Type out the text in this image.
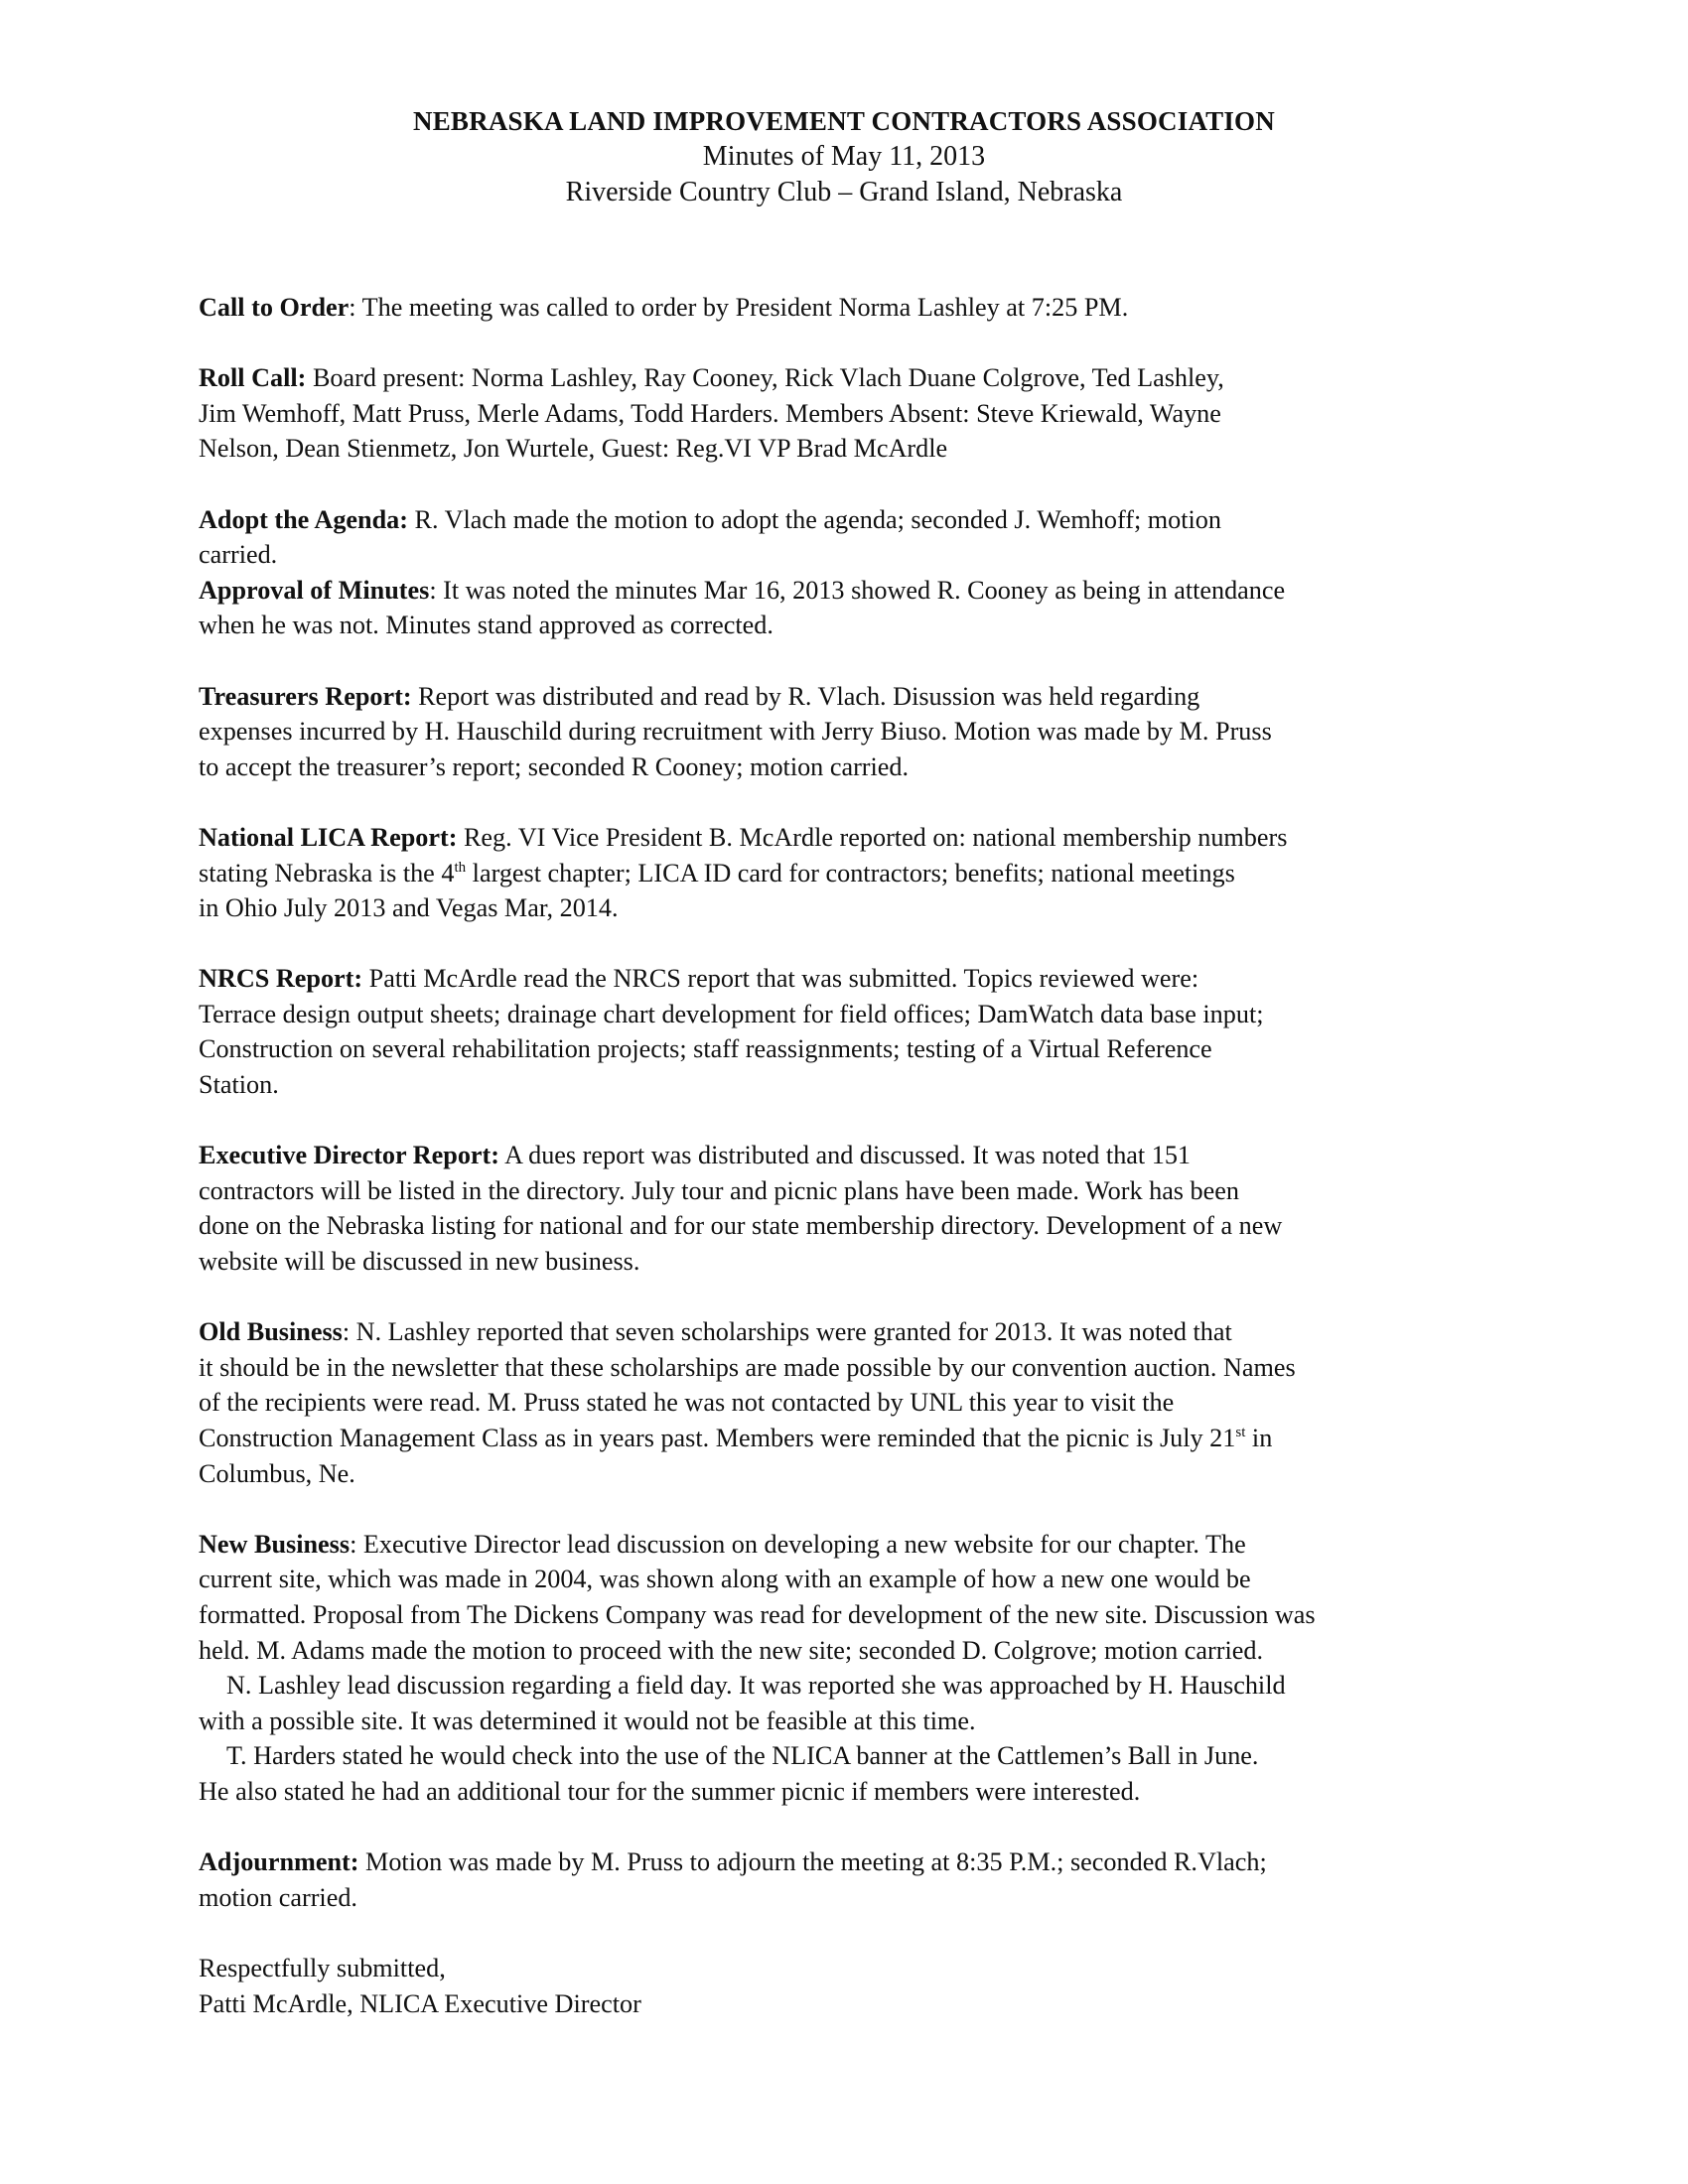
NEBRASKA LAND IMPROVEMENT CONTRACTORS ASSOCIATION
Minutes of May 11, 2013
Riverside Country Club – Grand Island, Nebraska
Call to Order: The meeting was called to order by President Norma Lashley at 7:25 PM.
Roll Call: Board present: Norma Lashley, Ray Cooney, Rick Vlach Duane Colgrove, Ted Lashley,
Jim Wemhoff, Matt Pruss, Merle Adams, Todd Harders. Members Absent: Steve Kriewald, Wayne
Nelson, Dean Stienmetz, Jon Wurtele, Guest: Reg.VI VP Brad McArdle
Adopt the Agenda: R. Vlach made the motion to adopt the agenda; seconded J. Wemhoff; motion
carried.
Approval of Minutes: It was noted the minutes Mar 16, 2013 showed R. Cooney as being in attendance
when he was not. Minutes stand approved as corrected.
Treasurers Report: Report was distributed and read by R. Vlach. Disussion was held regarding
expenses incurred by H. Hauschild during recruitment with Jerry Biuso. Motion was made by M. Pruss
to accept the treasurer’s report; seconded R Cooney; motion carried.
National LICA Report: Reg. VI Vice President B. McArdle reported on: national membership numbers
stating Nebraska is the 4th largest chapter; LICA ID card for contractors; benefits; national meetings
in Ohio July 2013 and Vegas Mar, 2014.
NRCS Report: Patti McArdle read the NRCS report that was submitted. Topics reviewed were:
Terrace design output sheets; drainage chart development for field offices; DamWatch data base input;
Construction on several rehabilitation projects; staff reassignments; testing of a Virtual Reference
Station.
Executive Director Report: A dues report was distributed and discussed. It was noted that 151
contractors will be listed in the directory. July tour and picnic plans have been made. Work has been
done on the Nebraska listing for national and for our state membership directory. Development of a new
website will be discussed in new business.
Old Business: N. Lashley reported that seven scholarships were granted for 2013. It was noted that
it should be in the newsletter that these scholarships are made possible by our convention auction. Names
of the recipients were read. M. Pruss stated he was not contacted by UNL this year to visit the
Construction Management Class as in years past. Members were reminded that the picnic is July 21st in
Columbus, Ne.
New Business: Executive Director lead discussion on developing a new website for our chapter. The
current site, which was made in 2004, was shown along with an example of how a new one would be
formatted. Proposal from The Dickens Company was read for development of the new site. Discussion was
held. M. Adams made the motion to proceed with the new site; seconded D. Colgrove; motion carried.
N. Lashley lead discussion regarding a field day. It was reported she was approached by H. Hauschild
with a possible site. It was determined it would not be feasible at this time.
T. Harders stated he would check into the use of the NLICA banner at the Cattlemen’s Ball in June.
He also stated he had an additional tour for the summer picnic if members were interested.
Adjournment: Motion was made by M. Pruss to adjourn the meeting at 8:35 P.M.; seconded R.Vlach;
motion carried.
Respectfully submitted,
Patti McArdle, NLICA Executive Director
